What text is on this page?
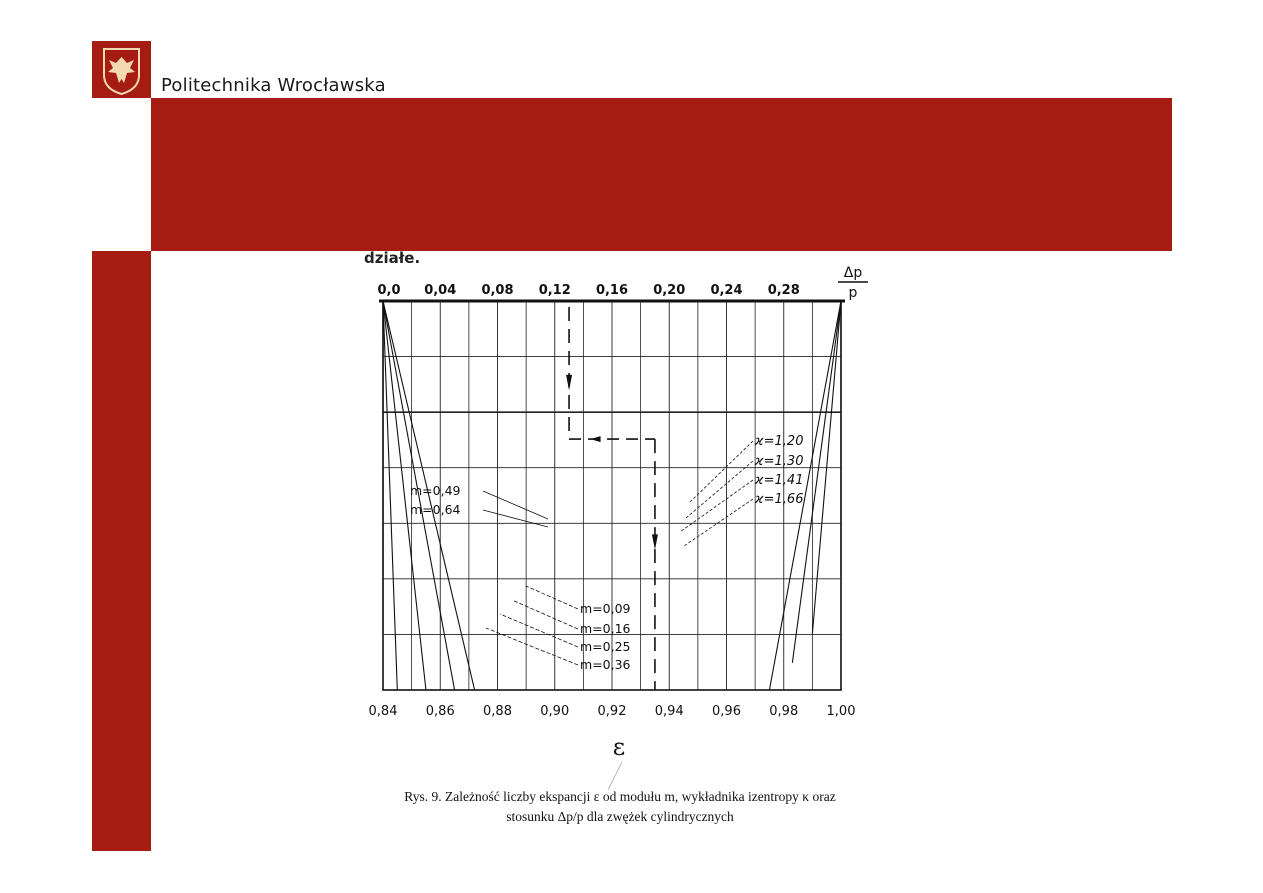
Politechnika Wrocławska
działe.
ε
Δp
p
0,84 0,86 0,88 0,90 0,92 0,94 0,96 0,98 1,00
0,0 0,04 0,08 0,12 0,16 0,20 0,24 0,28
m=0,49
m=0,64
m=0,09
m=0,16
m=0,25
m=0,36
ϰ=1,20
ϰ=1,30
ϰ=1,41
ϰ=1,66
Rys. 9. Zależność liczby ekspancji ε od modułu m, wykładnika izentropy κ oraz
stosunku Δp/p dla zwężek cylindrycznych
